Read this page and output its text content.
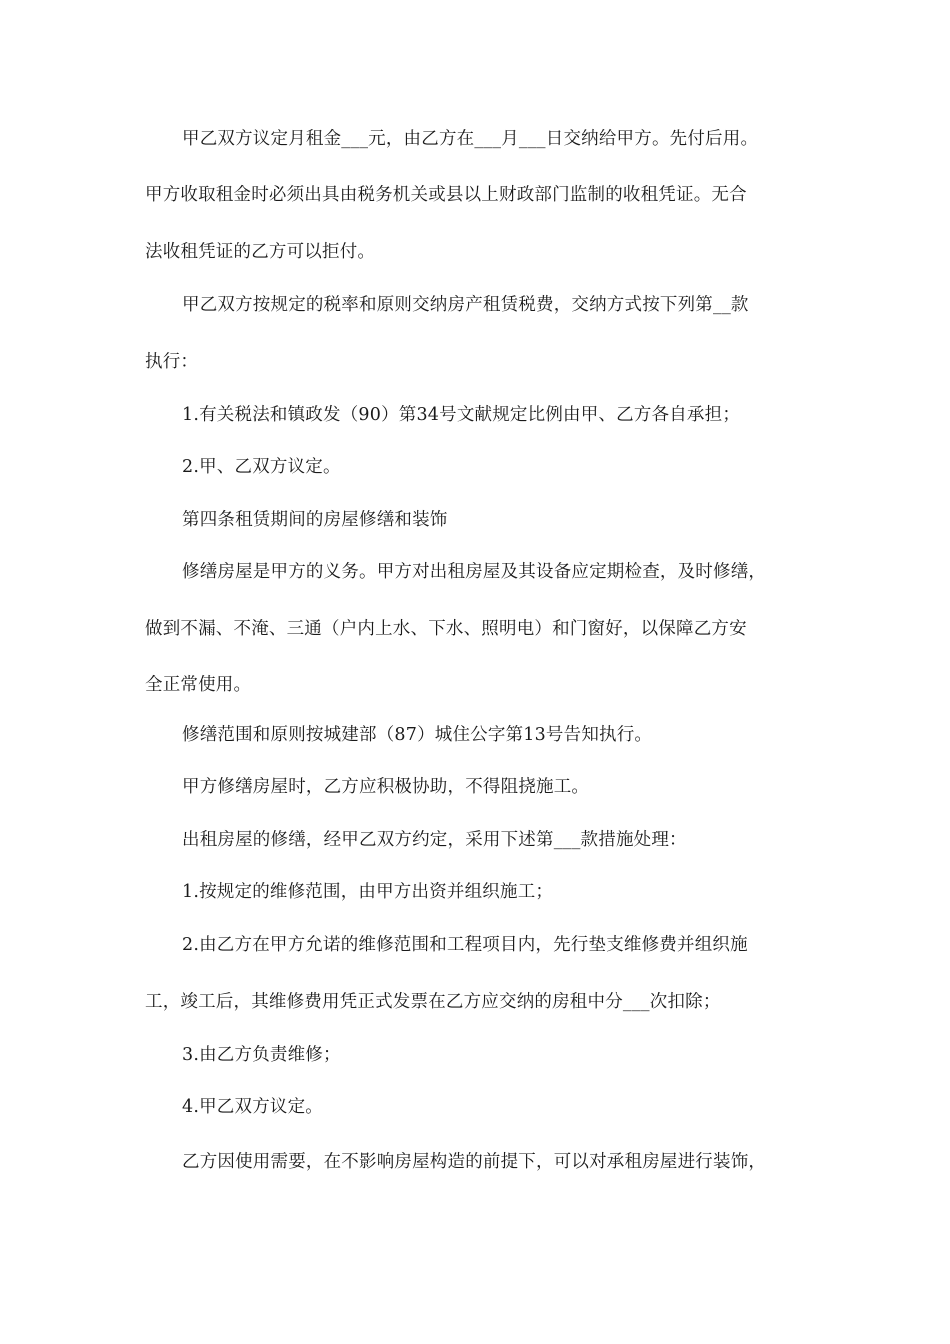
甲乙双方议定月租金___元，由乙方在___月___日交纳给甲方。先付后用。
甲方收取租金时必须出具由税务机关或县以上财政部门监制的收租凭证。无合
法收租凭证的乙方可以拒付。
甲乙双方按规定的税率和原则交纳房产租赁税费，交纳方式按下列第__款
执行：
1.有关税法和镇政发（90）第34号文献规定比例由甲、乙方各自承担；
2.甲、乙双方议定。
第四条租赁期间的房屋修缮和装饰
修缮房屋是甲方的义务。甲方对出租房屋及其设备应定期检查，及时修缮，
做到不漏、不淹、三通（户内上水、下水、照明电）和门窗好，以保障乙方安
全正常使用。
修缮范围和原则按城建部（87）城住公字第13号告知执行。
甲方修缮房屋时，乙方应积极协助，不得阻挠施工。
出租房屋的修缮，经甲乙双方约定，采用下述第___款措施处理：
1.按规定的维修范围，由甲方出资并组织施工；
2.由乙方在甲方允诺的维修范围和工程项目内，先行垫支维修费并组织施
工，竣工后，其维修费用凭正式发票在乙方应交纳的房租中分___次扣除；
3.由乙方负责维修；
4.甲乙双方议定。
乙方因使用需要，在不影响房屋构造的前提下，可以对承租房屋进行装饰，
